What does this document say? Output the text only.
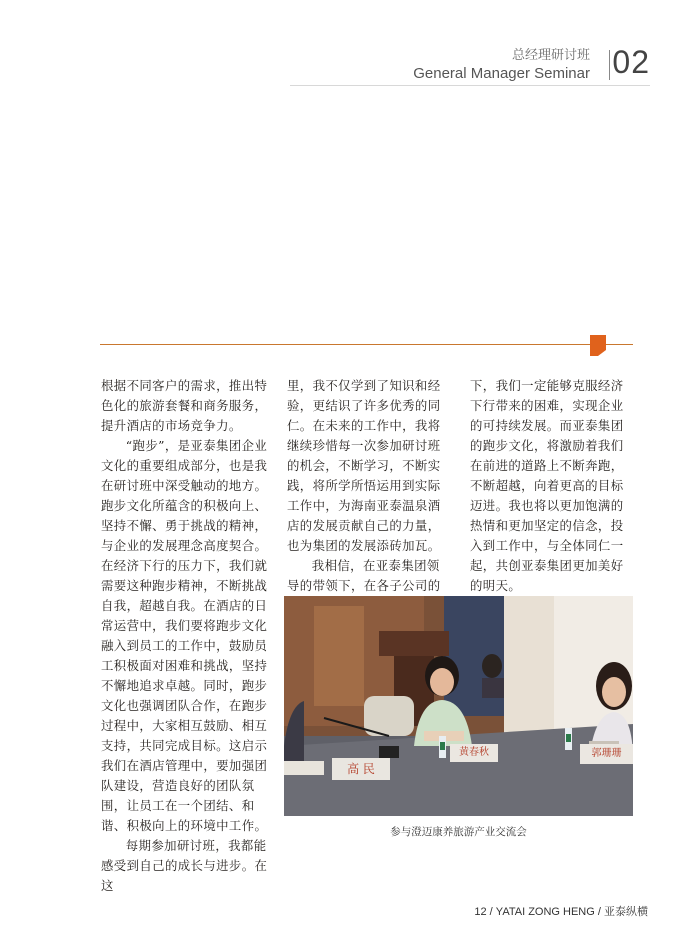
总经理研讨班
General Manager Seminar 02

根据不同客户的需求，推出特色化的旅游套餐和商务服务，提升酒店的市场竞争力。

“跑步”，是亚泰集团企业文化的重要组成部分，也是我在研讨班中深受触动的地方。跑步文化所蕴含的积极向上、坚持不懈、勇于挑战的精神，与企业的发展理念高度契合。在经济下行的压力下，我们就需要这种跑步精神，不断挑战自我，超越自我。在酒店的日常运营中，我们要将跑步文化融入到员工的工作中，鼓励员工积极面对困难和挑战，坚持不懈地追求卓越。同时，跑步文化也强调团队合作，在跑步过程中，大家相互鼓励、相互支持，共同完成目标。这启示我们在酒店管理中，要加强团队建设，营造良好的团队氛围，让员工在一个团结、和谐、积极向上的环境中工作。

每期参加研讨班，我都能感受到自己的成长与进步。在这

里，我不仅学到了知识和经验，更结识了许多优秀的同仁。在未来的工作中，我将继续珍惜每一次参加研讨班的机会，不断学习，不断实践，将所学所悟运用到实际工作中，为海南亚泰温泉酒店的发展贡献自己的力量，也为集团的发展添砖加瓦。

我相信，在亚泰集团领导的带领下，在各子公司的

下，我们一定能够克服经济下行带来的困难，实现企业的可持续发展。而亚泰集团的跑步文化，将激励着我们在前进的道路上不断奔跑，不断超越，向着更高的目标迈进。我也将以更加饱满的热情和更加坚定的信念，投入到工作中，与全体同仁一起，共创亚泰集团更加美好的明天。

高 民
黄春秋	郭珊珊
参与澄迈康养旅游产业交流会
12 / YATAI ZONG HENG / 亚泰纵横
